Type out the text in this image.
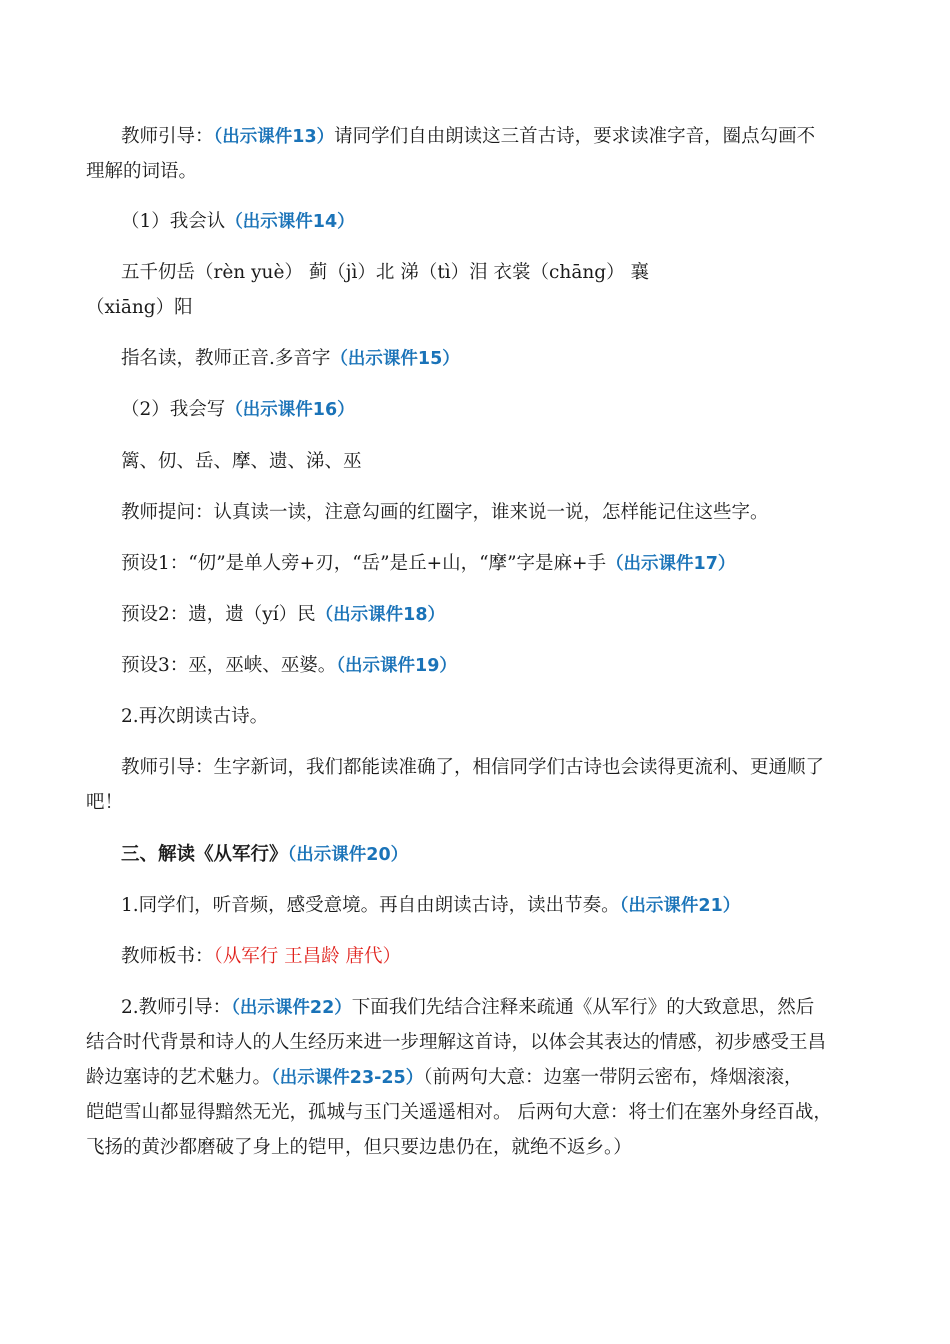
教师引导：（出示课件13）请同学们自由朗读这三首古诗，要求读准字音，圈点勾画不
理解的词语。
（1）我会认（出示课件14）
五千仞岳（rèn yuè） 蓟（jì）北 涕（tì）泪 衣裳（chāng） 襄
（xiāng）阳
指名读，教师正音.多音字（出示课件15）
（2）我会写（出示课件16）
篱、仞、岳、摩、遗、涕、巫
教师提问：认真读一读，注意勾画的红圈字，谁来说一说，怎样能记住这些字。
预设1：“仞”是单人旁+刃，“岳”是丘+山，“摩”字是麻+手（出示课件17）
预设2：遗，遗（yí）民（出示课件18）
预设3：巫，巫峡、巫婆。（出示课件19）
2.再次朗读古诗。
教师引导：生字新词，我们都能读准确了，相信同学们古诗也会读得更流利、更通顺了
吧！
三、解读《从军行》（出示课件20）
1.同学们，听音频，感受意境。再自由朗读古诗，读出节奏。（出示课件21）
教师板书：（从军行 王昌龄 唐代）
2.教师引导：（出示课件22）下面我们先结合注释来疏通《从军行》的大致意思，然后
结合时代背景和诗人的人生经历来进一步理解这首诗，以体会其表达的情感，初步感受王昌
龄边塞诗的艺术魅力。（出示课件23-25）（前两句大意：边塞一带阴云密布，烽烟滚滚，
皑皑雪山都显得黯然无光，孤城与玉门关遥遥相对。 后两句大意：将士们在塞外身经百战，
飞扬的黄沙都磨破了身上的铠甲，但只要边患仍在，就绝不返乡。）
